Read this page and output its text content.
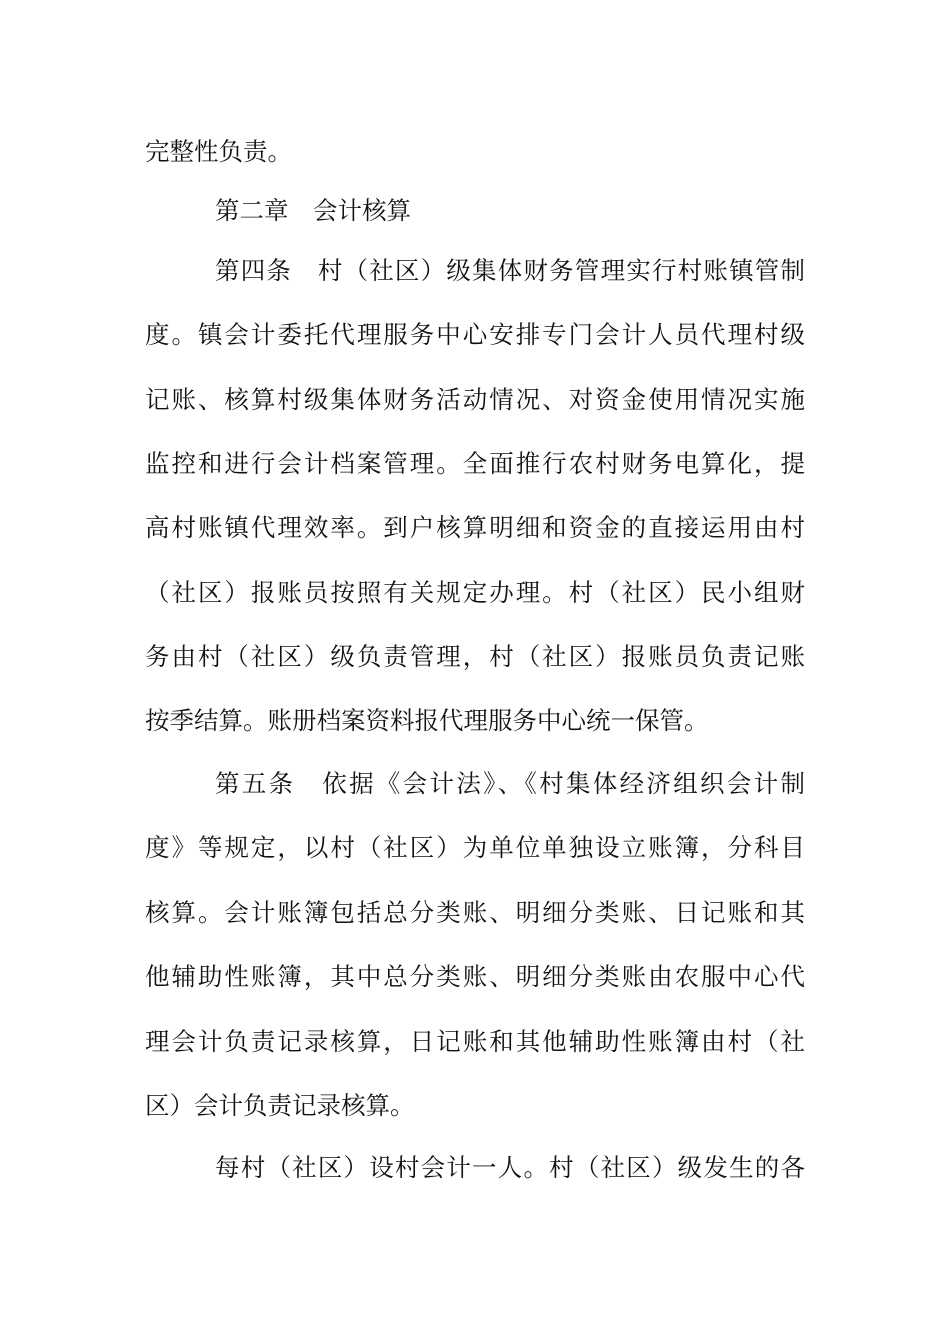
完整性负责。
第二章　会计核算
第四条　村（社区）级集体财务管理实行村账镇管制
度。镇会计委托代理服务中心安排专门会计人员代理村级
记账、核算村级集体财务活动情况、对资金使用情况实施
监控和进行会计档案管理。全面推行农村财务电算化，提
高村账镇代理效率。到户核算明细和资金的直接运用由村
（社区）报账员按照有关规定办理。村（社区）民小组财
务由村（社区）级负责管理，村（社区）报账员负责记账
按季结算。账册档案资料报代理服务中心统一保管。
第五条　依据《会计法》、《村集体经济组织会计制
度》等规定，以村（社区）为单位单独设立账簿，分科目
核算。会计账簿包括总分类账、明细分类账、日记账和其
他辅助性账簿，其中总分类账、明细分类账由农服中心代
理会计负责记录核算，日记账和其他辅助性账簿由村（社
区）会计负责记录核算。
每村（社区）设村会计一人。村（社区）级发生的各
